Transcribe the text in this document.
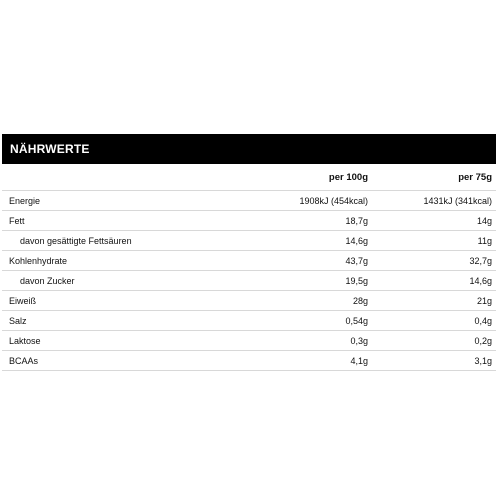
NÄHRWERTE
	per 100g	per 75g
Energie	1908kJ (454kcal)	1431kJ (341kcal)
Fett	18,7g	14g
davon gesättigte Fettsäuren	14,6g	11g
Kohlenhydrate	43,7g	32,7g
davon Zucker	19,5g	14,6g
Eiweiß	28g	21g
Salz	0,54g	0,4g
Laktose	0,3g	0,2g
BCAAs	4,1g	3,1g
